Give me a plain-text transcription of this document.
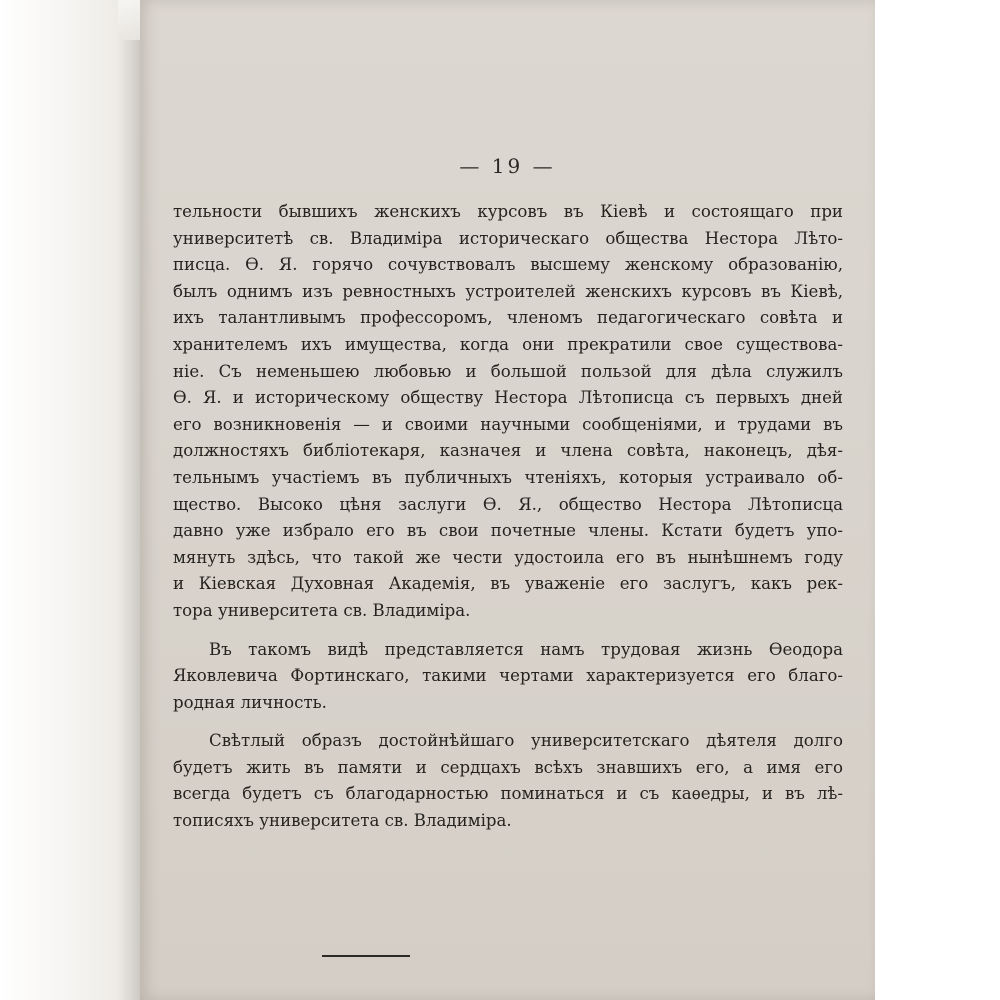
— 19 —
тельности бывшихъ женскихъ курсовъ въ Кіевѣ и состоящаго при
университетѣ св. Владиміра историческаго общества Нестора Лѣто-
писца. Ѳ. Я. горячо сочувствовалъ высшему женскому образованію,
былъ однимъ изъ ревностныхъ устроителей женскихъ курсовъ въ Кіевѣ,
ихъ талантливымъ профессоромъ, членомъ педагогическаго совѣта и
хранителемъ ихъ имущества, когда они прекратили свое существова-
ніе. Съ неменьшею любовью и большой пользой для дѣла служилъ
Ѳ. Я. и историческому обществу Нестора Лѣтописца съ первыхъ дней
его возникновенія — и своими научными сообщеніями, и трудами въ
должностяхъ библіотекаря, казначея и члена совѣта, наконецъ, дѣя-
тельнымъ участіемъ въ публичныхъ чтеніяхъ, которыя устраивало об-
щество. Высоко цѣня заслуги Ѳ. Я., общество Нестора Лѣтописца
давно уже избрало его въ свои почетные члены. Кстати будетъ упо-
мянуть здѣсь, что такой же чести удостоила его въ нынѣшнемъ году
и Кіевская Духовная Академія, въ уваженіе его заслугъ, какъ рек-
тора университета св. Владиміра.
Въ такомъ видѣ представляется намъ трудовая жизнь Ѳеодора
Яковлевича Фортинскаго, такими чертами характеризуется его благо-
родная личность.
Свѣтлый образъ достойнѣйшаго университетскаго дѣятеля долго
будетъ жить въ памяти и сердцахъ всѣхъ знавшихъ его, а имя его
всегда будетъ съ благодарностью поминаться и съ каѳедры, и въ лѣ-
тописяхъ университета св. Владиміра.
